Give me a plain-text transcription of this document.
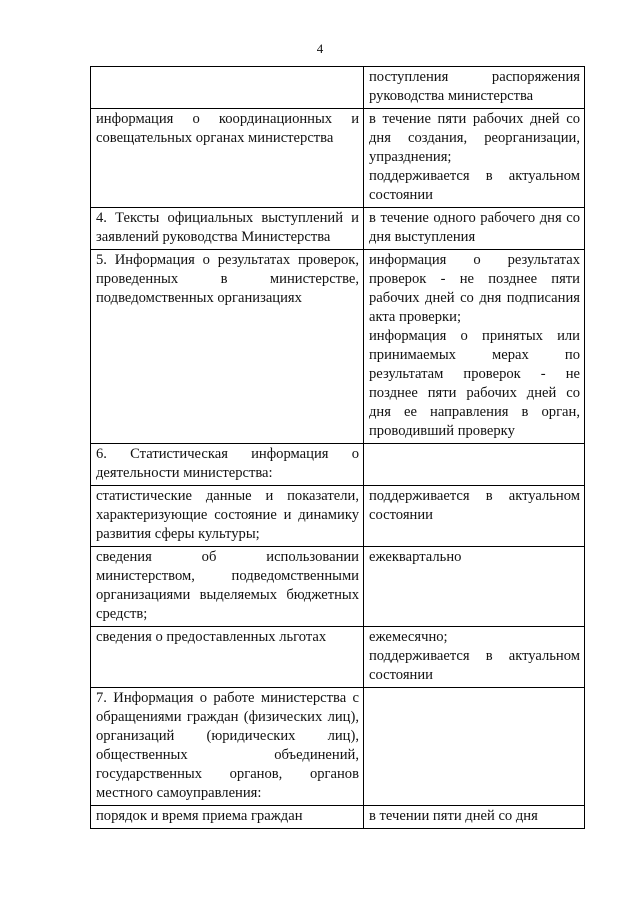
4

	поступления распоряжения руководства министерства

информация о координационных и совещательных органах министерства	в течение пяти рабочих дней со дня создания, реорганизации, упразднения;
поддерживается в актуальном состоянии

4. Тексты официальных выступлений и заявлений руководства Министерства	в течение одного рабочего дня со дня выступления

5. Информация о результатах проверок, проведенных в министерстве, подведомственных организациях	информация о результатах проверок - не позднее пяти рабочих дней со дня подписания акта проверки;
информация о принятых или принимаемых мерах по результатам проверок - не позднее пяти рабочих дней со дня ее направления в орган, проводивший проверку

6. Статистическая информация о деятельности министерства:	

статистические данные и показатели, характеризующие состояние и динамику развития сферы культуры;	поддерживается в актуальном состоянии

сведения об использовании министерством, подведомственными организациями выделяемых бюджетных средств;	ежеквартально

сведения о предоставленных льготах	ежемесячно;
поддерживается в актуальном состоянии

7. Информация о работе министерства с обращениями граждан (физических лиц), организаций (юридических лиц), общественных объединений, государственных органов, органов местного самоуправления:	

порядок и время приема граждан	в течении пяти дней со дня
